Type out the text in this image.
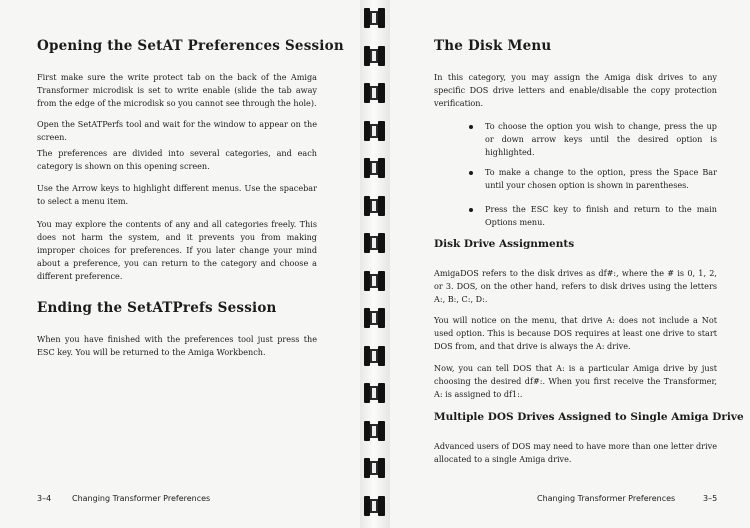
Opening the SetAT Preferences Session

First make sure the write protect tab on the back of the Amiga Transformer microdisk is set to write enable (slide the tab away from the edge of the microdisk so you cannot see through the hole).

Open the SetATPerfs tool and wait for the window to appear on the screen.

The preferences are divided into several categories, and each category is shown on this opening screen.

Use the Arrow keys to highlight different menus. Use the spacebar to select a menu item.

You may explore the contents of any and all categories freely. This does not harm the system, and it prevents you from making improper choices for preferences. If you later change your mind about a preference, you can return to the category and choose a different preference.

Ending the SetATPrefs Session

When you have finished with the preferences tool just press the ESC key. You will be returned to the Amiga Workbench.

3–4	Changing Transformer Preferences
The Disk Menu

In this category, you may assign the Amiga disk drives to any specific DOS drive letters and enable/disable the copy protection verification.

To choose the option you wish to change, press the up or down arrow keys until the desired option is highlighted.
To make a change to the option, press the Space Bar until your chosen option is shown in parentheses.
Press the ESC key to finish and return to the main Options menu.
Disk Drive Assignments

AmigaDOS refers to the disk drives as df#:, where the # is 0, 1, 2, or 3. DOS, on the other hand, refers to disk drives using the letters A:, B:, C:, D:.

You will notice on the menu, that drive A: does not include a Not used option. This is because DOS requires at least one drive to start DOS from, and that drive is always the A: drive.

Now, you can tell DOS that A: is a particular Amiga drive by just choosing the desired df#:. When you first receive the Transformer, A: is assigned to df1:.

Multiple DOS Drives Assigned to Single Amiga Drive

Advanced users of DOS may need to have more than one letter drive allocated to a single Amiga drive.

Changing Transformer Preferences	3–5
